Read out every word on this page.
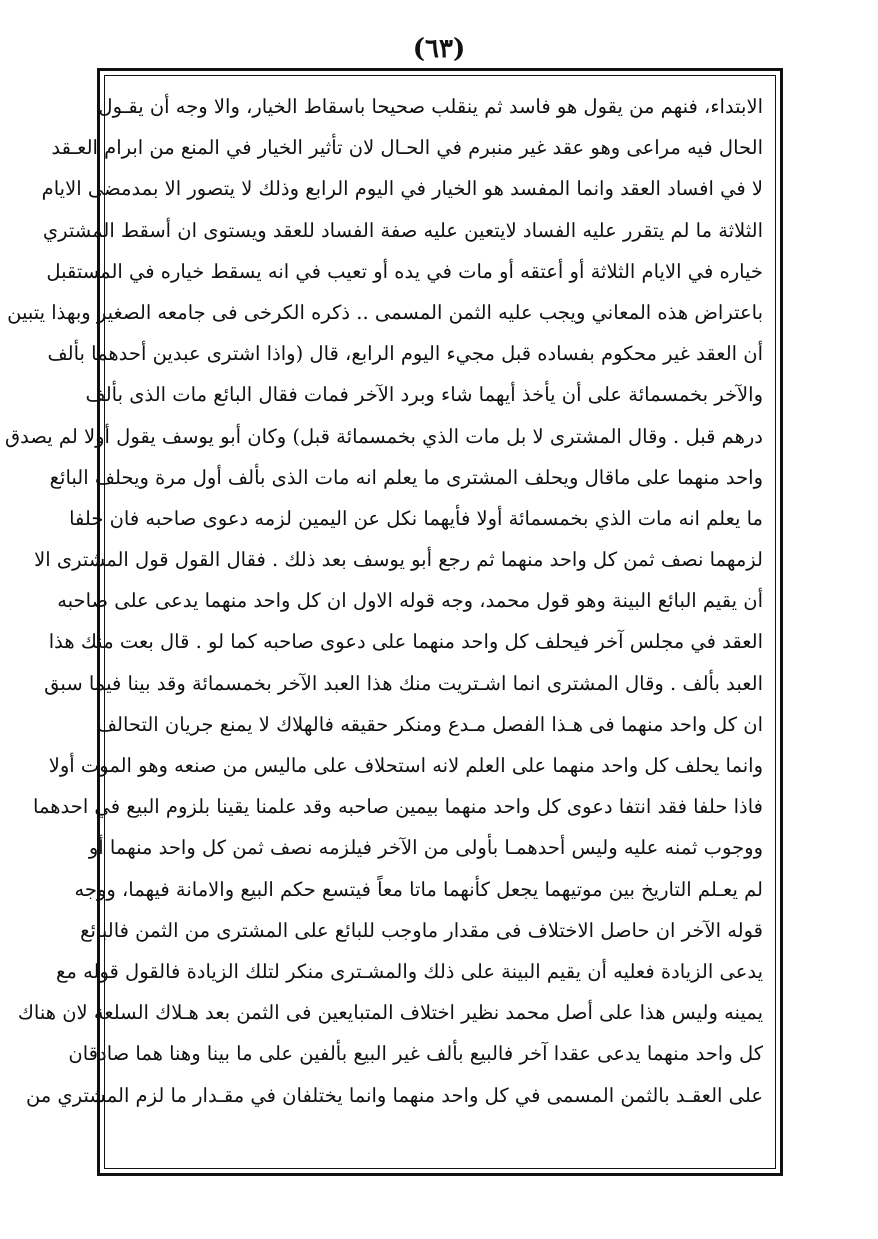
(٦٣)
الابتداء، فنهم من يقول هو فاسد ثم ينقلب صحيحا باسقاط الخيار، والا وجه أن يقـول
الحال فيه مراعى وهو عقد غير منبرم في الحـال لان تأثير الخيار في المنع من ابرام العـقد
لا في افساد العقد وانما المفسد هو الخيار في اليوم الرابع وذلك لا يتصور الا بمدمضى الايام
الثلاثة ما لم يتقرر عليه الفساد لايتعين عليه صفة الفساد للعقد ويستوى ان أسقط المشتري
خياره في الايام الثلاثة أو أعتقه أو مات في يده أو تعيب في انه يسقط خياره في المستقبل
باعتراض هذه المعاني ويجب عليه الثمن المسمى .. ذكره الكرخى فى جامعه الصغير وبهذا يتبين
أن العقد غير محكوم بفساده قبل مجيء اليوم الرابع، قال (واذا اشترى عبدين أحدهما بألف
والآخر بخمسمائة على أن يأخذ أيهما شاء وبرد الآخر فمات فقال البائع مات الذى بألف
درهم قبل . وقال المشترى لا بل مات الذي بخمسمائة قبل) وكان أبو يوسف يقول أولا لم يصدق
واحد منهما على ماقال ويحلف المشترى ما يعلم انه مات الذى بألف أول مرة ويحلف البائع
ما يعلم انه مات الذي بخمسمائة أولا فأيهما نكل عن اليمين لزمه دعوى صاحبه فان حلفا
لزمهما نصف ثمن كل واحد منهما ثم رجع أبو يوسف بعد ذلك . فقال القول قول المشترى الا
أن يقيم البائع البينة وهو قول محمد، وجه قوله الاول ان كل واحد منهما يدعى على صاحبه
العقد في مجلس آخر فيحلف كل واحد منهما على دعوى صاحبه كما لو . قال بعت منك هذا
العبد بألف . وقال المشترى انما اشـتريت منك هذا العبد الآخر بخمسمائة وقد بينا فيما سبق
ان كل واحد منهما فى هـذا الفصل مـدع ومنكر حقيقه فالهلاك لا يمنع جريان التحالف
وانما يحلف كل واحد منهما على العلم لانه استحلاف على ماليس من صنعه وهو الموت أولا
فاذا حلفا فقد انتفا دعوى كل واحد منهما بيمين صاحبه وقد علمنا يقينا بلزوم البيع في احدهما
ووجوب ثمنه عليه وليس أحدهمـا بأولى من الآخر فيلزمه نصف ثمن كل واحد منهما أو
لم يعـلم التاريخ بين موتيهما يجعل كأنهما ماتا معاً فيتسع حكم البيع والامانة فيهما، ووجه
قوله الآخر ان حاصل الاختلاف فى مقدار ماوجب للبائع على المشترى من الثمن فالبائع
يدعى الزيادة فعليه أن يقيم البينة على ذلك والمشـترى منكر لتلك الزيادة فالقول قوله مع
يمينه وليس هذا على أصل محمد نظير اختلاف المتبايعين فى الثمن بعد هـلاك السلعة لان هناك
كل واحد منهما يدعى عقدا آخر فالبيع بألف غير البيع بألفين على ما بينا وهنا هما صادقان
على العقـد بالثمن المسمى في كل واحد منهما وانما يختلفان في مقـدار ما لزم المشتري من
